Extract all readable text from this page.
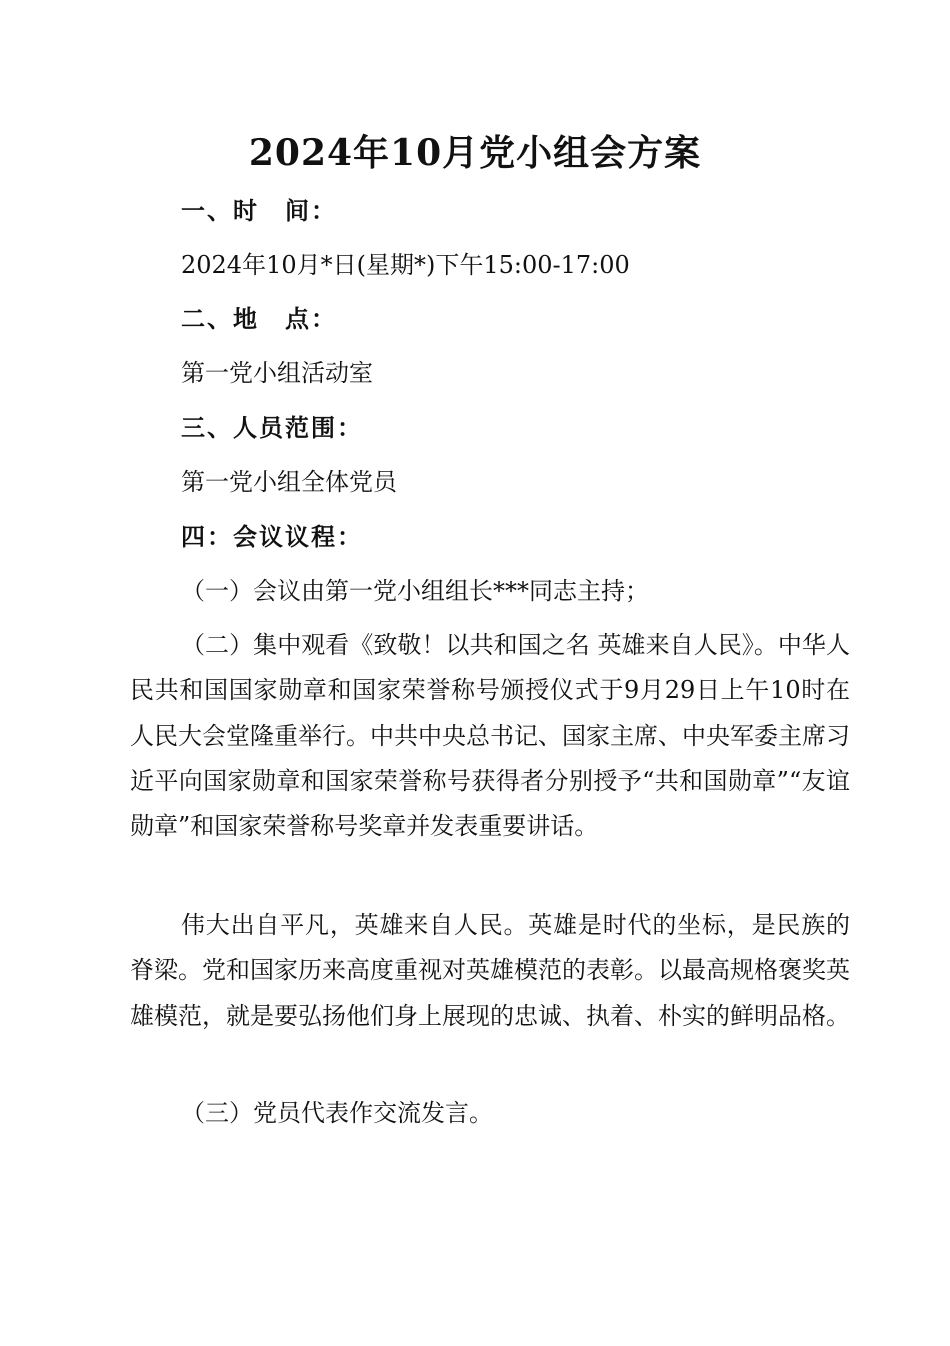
2024年10月党小组会方案
一、时　间：
2024年10月*日(星期*)下午15:00-17:00
二、地　点：
第一党小组活动室
三、人员范围：
第一党小组全体党员
四：会议议程：
（一）会议由第一党小组组长***同志主持；
（二）集中观看《致敬！以共和国之名 英雄来自人民》。中华人民共和国国家勋章和国家荣誉称号颁授仪式于9月29日上午10时在人民大会堂隆重举行。中共中央总书记、国家主席、中央军委主席习近平向国家勋章和国家荣誉称号获得者分别授予“共和国勋章”“友谊勋章”和国家荣誉称号奖章并发表重要讲话。
伟大出自平凡，英雄来自人民。英雄是时代的坐标，是民族的脊梁。党和国家历来高度重视对英雄模范的表彰。以最高规格褒奖英雄模范，就是要弘扬他们身上展现的忠诚、执着、朴实的鲜明品格。
（三）党员代表作交流发言。
